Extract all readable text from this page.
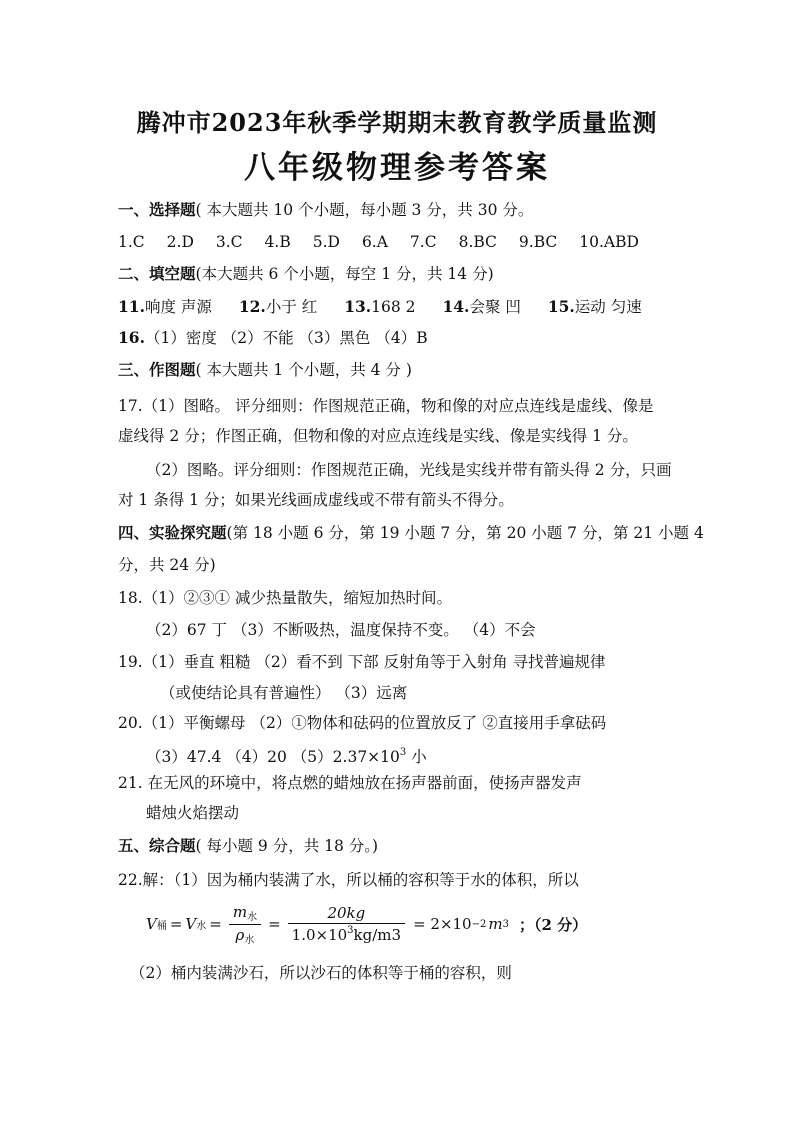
腾冲市2023年秋季学期期末教育教学质量监测
八年级物理参考答案
一、选择题( 本大题共 10 个小题，每小题 3 分，共 30 分。
1.C 2.D 3.C 4.B 5.D 6.A 7.C 8.BC 9.BC 10.ABD
二、填空题(本大题共 6 个小题，每空 1 分，共 14 分)
11.响度 声源 12.小于 红 13.168 2 14.会聚 凹 15.运动 匀速
16.（1）密度 （2）不能 （3）黑色 （4）B
三、作图题( 本大题共 1 个小题，共 4 分 )
17.（1）图略。 评分细则：作图规范正确，物和像的对应点连线是虚线、像是
虚线得 2 分；作图正确，但物和像的对应点连线是实线、像是实线得 1 分。
（2）图略。评分细则：作图规范正确，光线是实线并带有箭头得 2 分，只画
对 1 条得 1 分；如果光线画成虚线或不带有箭头不得分。
四、实验探究题(第 18 小题 6 分，第 19 小题 7 分，第 20 小题 7 分，第 21 小题 4
分，共 24 分)
18.（1）②③① 减少热量散失，缩短加热时间。
（2）67 丁 （3）不断吸热，温度保持不变。 （4）不会
19.（1）垂直 粗糙 （2）看不到 下部 反射角等于入射角 寻找普遍规律
（或使结论具有普遍性） （3）远离
20.（1）平衡螺母 （2）①物体和砝码的位置放反了 ②直接用手拿砝码
（3）47.4 （4）20 $(5)2.37\times 10^3$ 小
21. 在无风的环境中，将点燃的蜡烛放在扬声器前面，使扬声器发声
蜡烛火焰摆动
五、综合题( 每小题 9 分，共 18 分。)
22.解：（1）因为桶内装满了水，所以桶的容积等于水的体积，所以
V 桶 = V 水 = $\frac{m_水}{\rho_水} = \frac{20kg}{1.0\times 10^3kg/m3} = 2\times 10 -2$ m 3 ；（2 分）
（2）桶内装满沙石，所以沙石的体积等于桶的容积，则
